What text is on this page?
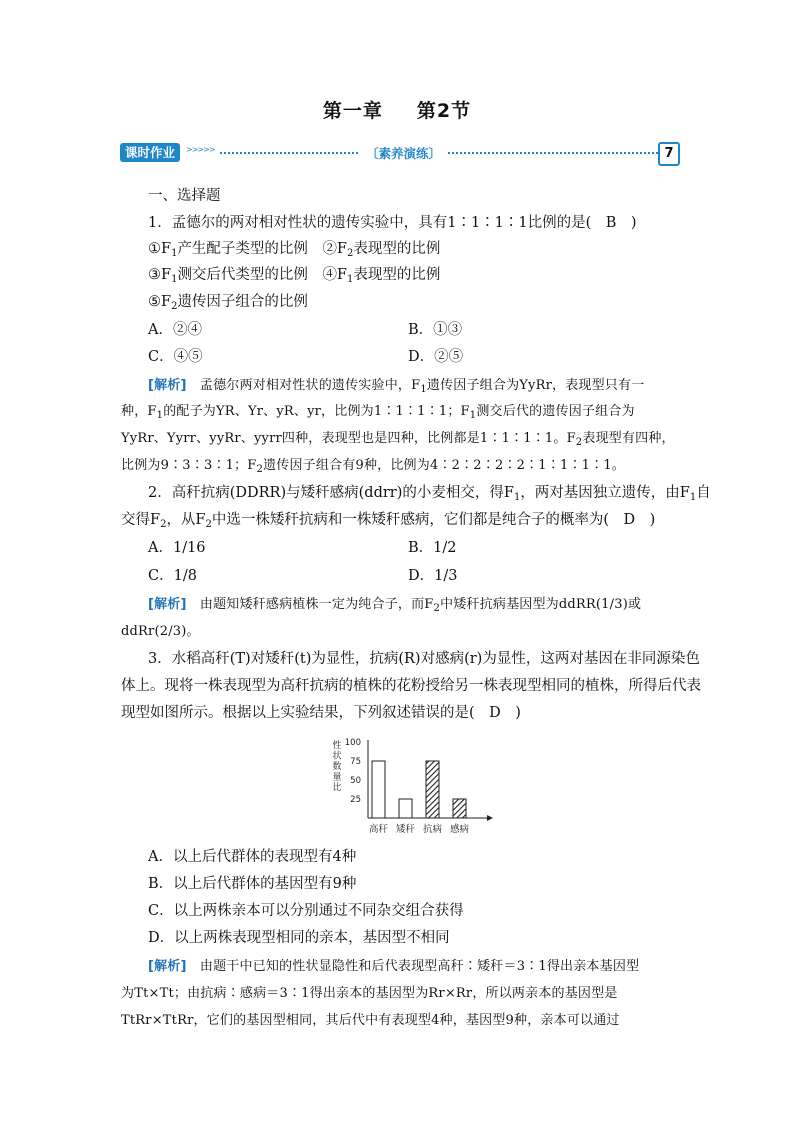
第一章 第2节
课时作业	>>>>>	〔素养演练〕	7
一、选择题
1．孟德尔的两对相对性状的遗传实验中，具有1∶1∶1∶1比例的是(　B　)
$①F_1$产生配子类型的比例　 $②F_2$表现型的比例
$③F_1$测交后代类型的比例　 $④F_1$表现型的比例
$⑤F_2$遗传因子组合的比例
A．②④	B．①③
C．④⑤	D．②⑤
[解析]　孟德尔两对相对性状的遗传实验中，$F_1$遗传因子组合为YyRr，表现型只有一
种，$F_1$的配子为YR、Yr、yR、yr，比例为1∶1∶1∶1；$F_1$测交后代的遗传因子组合为
YyRr、Yyrr、yyRr、yyrr四种，表现型也是四种，比例都是1∶1∶1∶1。$F_2$表现型有四种，
比例为9∶3∶3∶1；$F_2$遗传因子组合有9种，比例为4∶2∶2∶2∶2∶1∶1∶1∶1。
2．高秆抗病(DDRR)与矮秆感病(ddrr)的小麦相交，得$F_1$，两对基因独立遗传，由$F_1$自
交得$F_2$，从$F_2$中选一株矮秆抗病和一株矮秆感病，它们都是纯合子的概率为(　D　)
A．1/16	B．1/2
C．1/8	D．1/3
[解析]　由题知矮秆感病植株一定为纯合子，而$F_2$中矮秆抗病基因型为ddRR(1/3)或
ddRr(2/3)。
3．水稻高秆(T)对矮秆(t)为显性，抗病(R)对感病(r)为显性，这两对基因在非同源染色
体上。现将一株表现型为高秆抗病的植株的花粉授给另一株表现型相同的植株，所得后代表
现型如图所示。根据以上实验结果，下列叙述错误的是(　D　)
性
状
数
量
比
100
75
50
25
高秆 矮秆 抗病 感病
A．以上后代群体的表现型有4种
B．以上后代群体的基因型有9种
C．以上两株亲本可以分别通过不同杂交组合获得
D．以上两株表现型相同的亲本，基因型不相同
[解析]　由题干中已知的性状显隐性和后代表现型高秆∶矮秆＝3∶1得出亲本基因型
为Tt×Tt；由抗病∶感病＝3∶1得出亲本的基因型为Rr×Rr，所以两亲本的基因型是
TtRr×TtRr，它们的基因型相同，其后代中有表现型4种，基因型9种，亲本可以通过
